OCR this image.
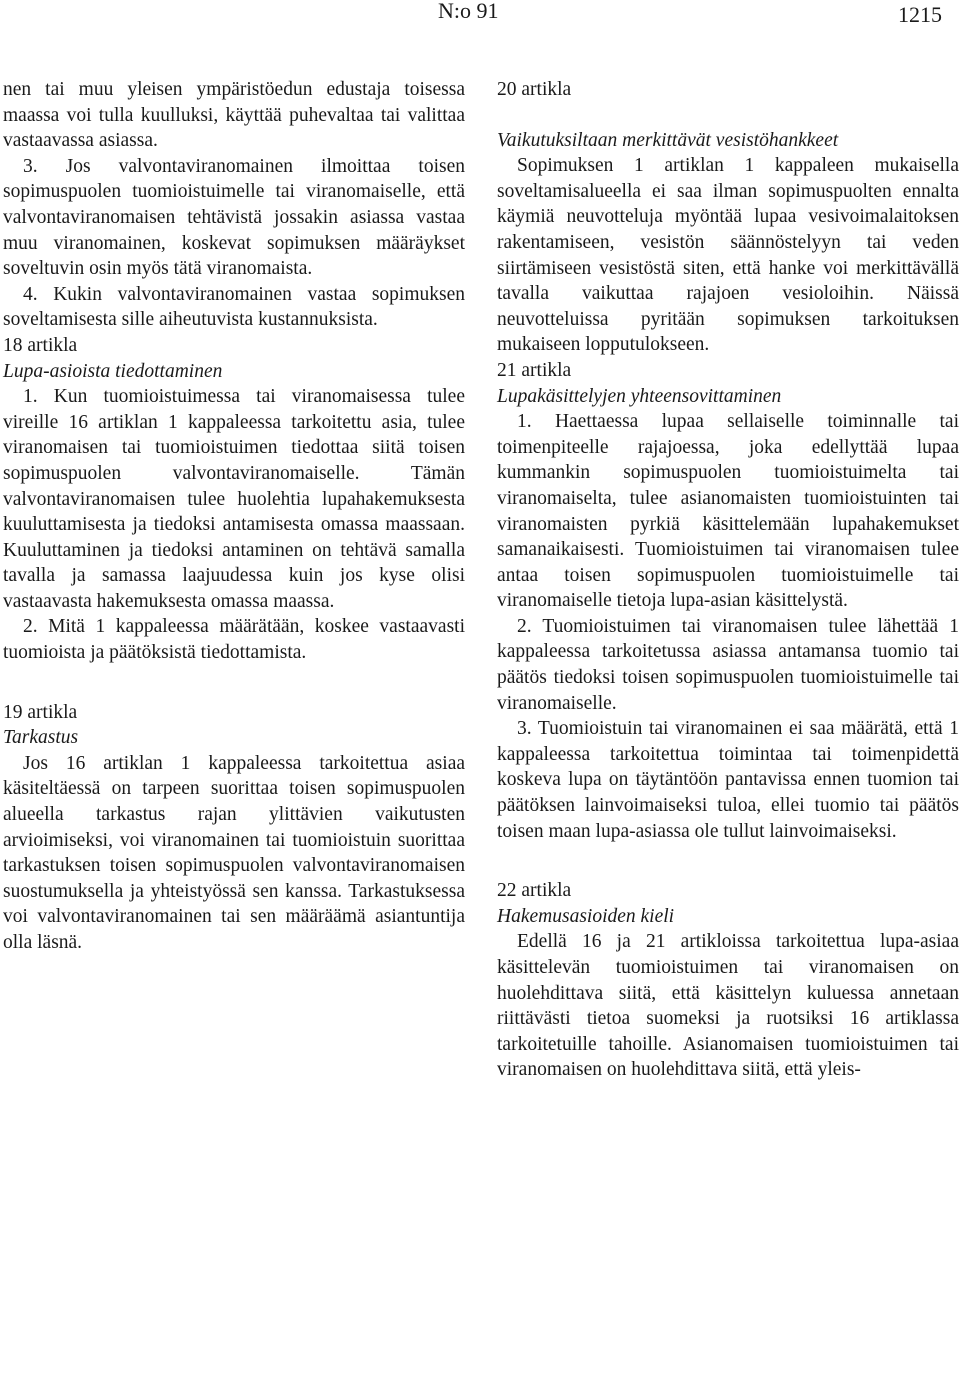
N:o 91	1215

nen tai muu yleisen ympäristöedun edustaja toisessa maassa voi tulla kuulluksi, käyttää puhevaltaa tai valittaa vastaavassa asiassa.

3. Jos valvontaviranomainen ilmoittaa toisen sopimuspuolen tuomioistuimelle tai viranomaiselle, että valvontaviranomaisen tehtävistä jossakin asiassa vastaa muu viranomainen, koskevat sopimuksen määräykset soveltuvin osin myös tätä viranomaista.

4. Kukin valvontaviranomainen vastaa sopimuksen soveltamisesta sille aiheutuvista kustannuksista.

18 artikla

Lupa-asioista tiedottaminen

1. Kun tuomioistuimessa tai viranomaisessa tulee vireille 16 artiklan 1 kappaleessa tarkoitettu asia, tulee viranomaisen tai tuomioistuimen tiedottaa siitä toisen sopimuspuolen valvontaviranomaiselle. Tämän valvontaviranomaisen tulee huolehtia lupahakemuksesta kuuluttamisesta ja tiedoksi antamisesta omassa maassaan. Kuuluttaminen ja tiedoksi antaminen on tehtävä samalla tavalla ja samassa laajuudessa kuin jos kyse olisi vastaavasta hakemuksesta omassa maassa.

2. Mitä 1 kappaleessa määrätään, koskee vastaavasti tuomioista ja päätöksistä tiedottamista.

19 artikla

Tarkastus

Jos 16 artiklan 1 kappaleessa tarkoitettua asiaa käsiteltäessä on tarpeen suorittaa toisen sopimuspuolen alueella tarkastus rajan ylittävien vaikutusten arvioimiseksi, voi viranomainen tai tuomioistuin suorittaa tarkastuksen toisen sopimuspuolen valvontaviranomaisen suostumuksella ja yhteistyössä sen kanssa. Tarkastuksessa voi valvontaviranomainen tai sen määräämä asiantuntija olla läsnä.

20 artikla

Vaikutuksiltaan merkittävät vesistöhankkeet

Sopimuksen 1 artiklan 1 kappaleen mukaisella soveltamisalueella ei saa ilman sopimuspuolten ennalta käymiä neuvotteluja myöntää lupaa vesivoimalaitoksen rakentamiseen, vesistön säännöstelyyn tai veden siirtämiseen vesistöstä siten, että hanke voi merkittävällä tavalla vaikuttaa rajajoen vesioloihin. Näissä neuvotteluissa pyritään sopimuksen tarkoituksen mukaiseen lopputulokseen.

21 artikla

Lupakäsittelyjen yhteensovittaminen

1. Haettaessa lupaa sellaiselle toiminnalle tai toimenpiteelle rajajoessa, joka edellyttää lupaa kummankin sopimuspuolen tuomioistuimelta tai viranomaiselta, tulee asianomaisten tuomioistuinten tai viranomaisten pyrkiä käsittelemään lupahakemukset samanaikaisesti. Tuomioistuimen tai viranomaisen tulee antaa toisen sopimuspuolen tuomioistuimelle tai viranomaiselle tietoja lupa-asian käsittelystä.

2. Tuomioistuimen tai viranomaisen tulee lähettää 1 kappaleessa tarkoitetussa asiassa antamansa tuomio tai päätös tiedoksi toisen sopimuspuolen tuomioistuimelle tai viranomaiselle.

3. Tuomioistuin tai viranomainen ei saa määrätä, että 1 kappaleessa tarkoitettua toimintaa tai toimenpidettä koskeva lupa on täytäntöön pantavissa ennen tuomion tai päätöksen lainvoimaiseksi tuloa, ellei tuomio tai päätös toisen maan lupa-asiassa ole tullut lainvoimaiseksi.

22 artikla

Hakemusasioiden kieli

Edellä 16 ja 21 artikloissa tarkoitettua lupa-asiaa käsittelevän tuomioistuimen tai viranomaisen on huolehdittava siitä, että käsittelyn kuluessa annetaan riittävästi tietoa suomeksi ja ruotsiksi 16 artiklassa tarkoitetuille tahoille. Asianomaisen tuomioistuimen tai viranomaisen on huolehdittava siitä, että yleis-
